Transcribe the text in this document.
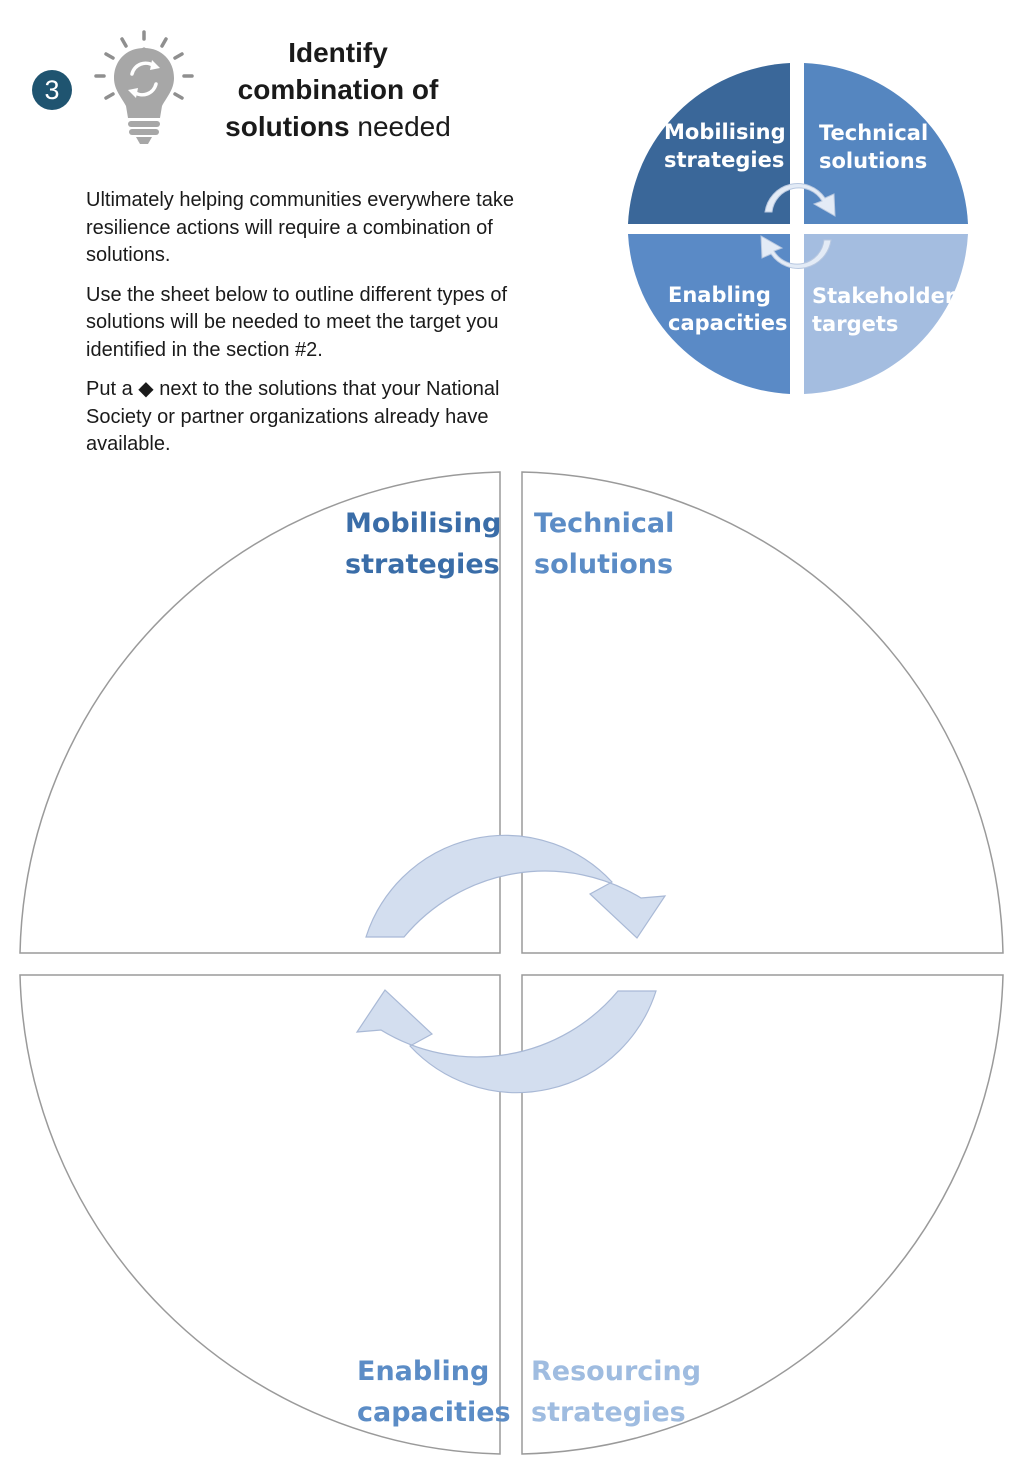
3
Identify
combination of
solutions needed

Ultimately helping communities everywhere take resilience actions will require a combination of solutions.

Use the sheet below to outline different types of solutions will be needed to meet the target you identified in the section #2.

Put a ◆ next to the solutions that your National Society or partner organizations already have available.

Mobilising
strategies
Technical
solutions
Enabling
capacities
Stakeholder
targets
Mobilising
strategies
Technical
solutions
Enabling
capacities
Resourcing
strategies
